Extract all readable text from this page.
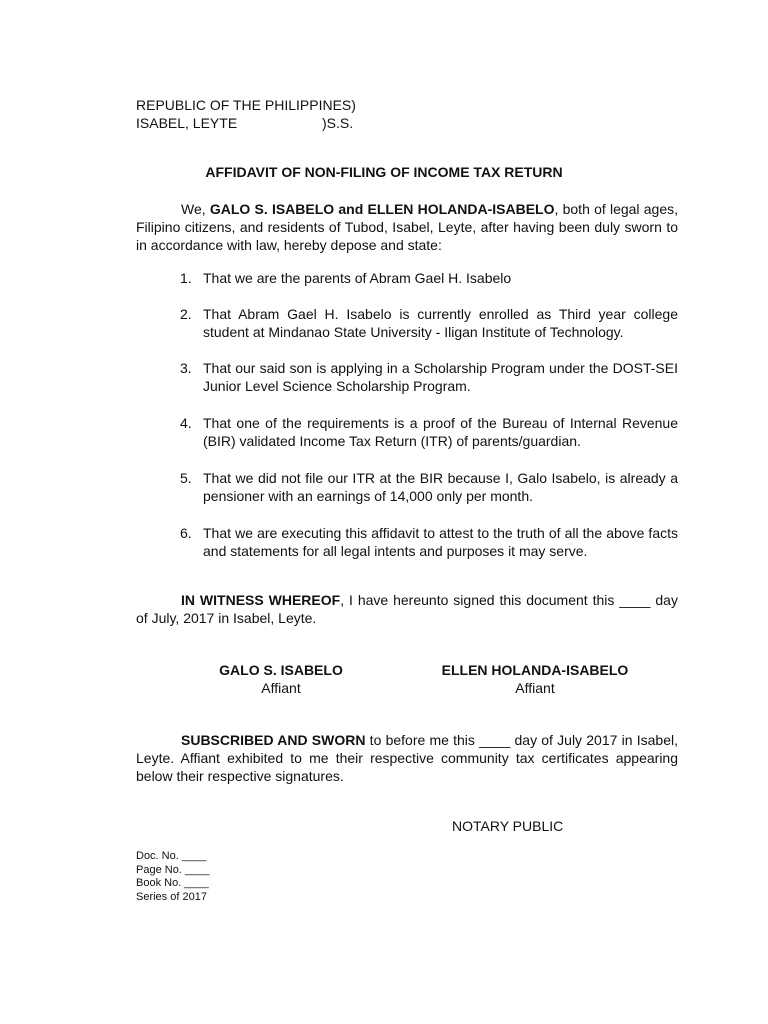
REPUBLIC OF THE PHILIPPINES)
ISABEL, LEYTE	)S.S.
AFFIDAVIT OF NON-FILING OF INCOME TAX RETURN
We, GALO S. ISABELO and ELLEN HOLANDA-ISABELO, both of legal ages, Filipino citizens, and residents of Tubod, Isabel, Leyte, after having been duly sworn to in accordance with law, hereby depose and state:
1. That we are the parents of Abram Gael H. Isabelo
2. That Abram Gael H. Isabelo is currently enrolled as Third year college student at Mindanao State University - Iligan Institute of Technology.
3. That our said son is applying in a Scholarship Program under the DOST-SEI Junior Level Science Scholarship Program.
4. That one of the requirements is a proof of the Bureau of Internal Revenue (BIR) validated Income Tax Return (ITR) of parents/guardian.
5. That we did not file our ITR at the BIR because I, Galo Isabelo, is already a pensioner with an earnings of 14,000 only per month.
6. That we are executing this affidavit to attest to the truth of all the above facts and statements for all legal intents and purposes it may serve.
IN WITNESS WHEREOF, I have hereunto signed this document this ____ day of July, 2017 in Isabel, Leyte.
GALO S. ISABELO
Affiant
ELLEN HOLANDA-ISABELO
Affiant
SUBSCRIBED AND SWORN to before me this ____ day of July 2017 in Isabel, Leyte. Affiant exhibited to me their respective community tax certificates appearing below their respective signatures.
NOTARY PUBLIC
Doc. No. ____
Page No. ____
Book No. ____
Series of 2017
